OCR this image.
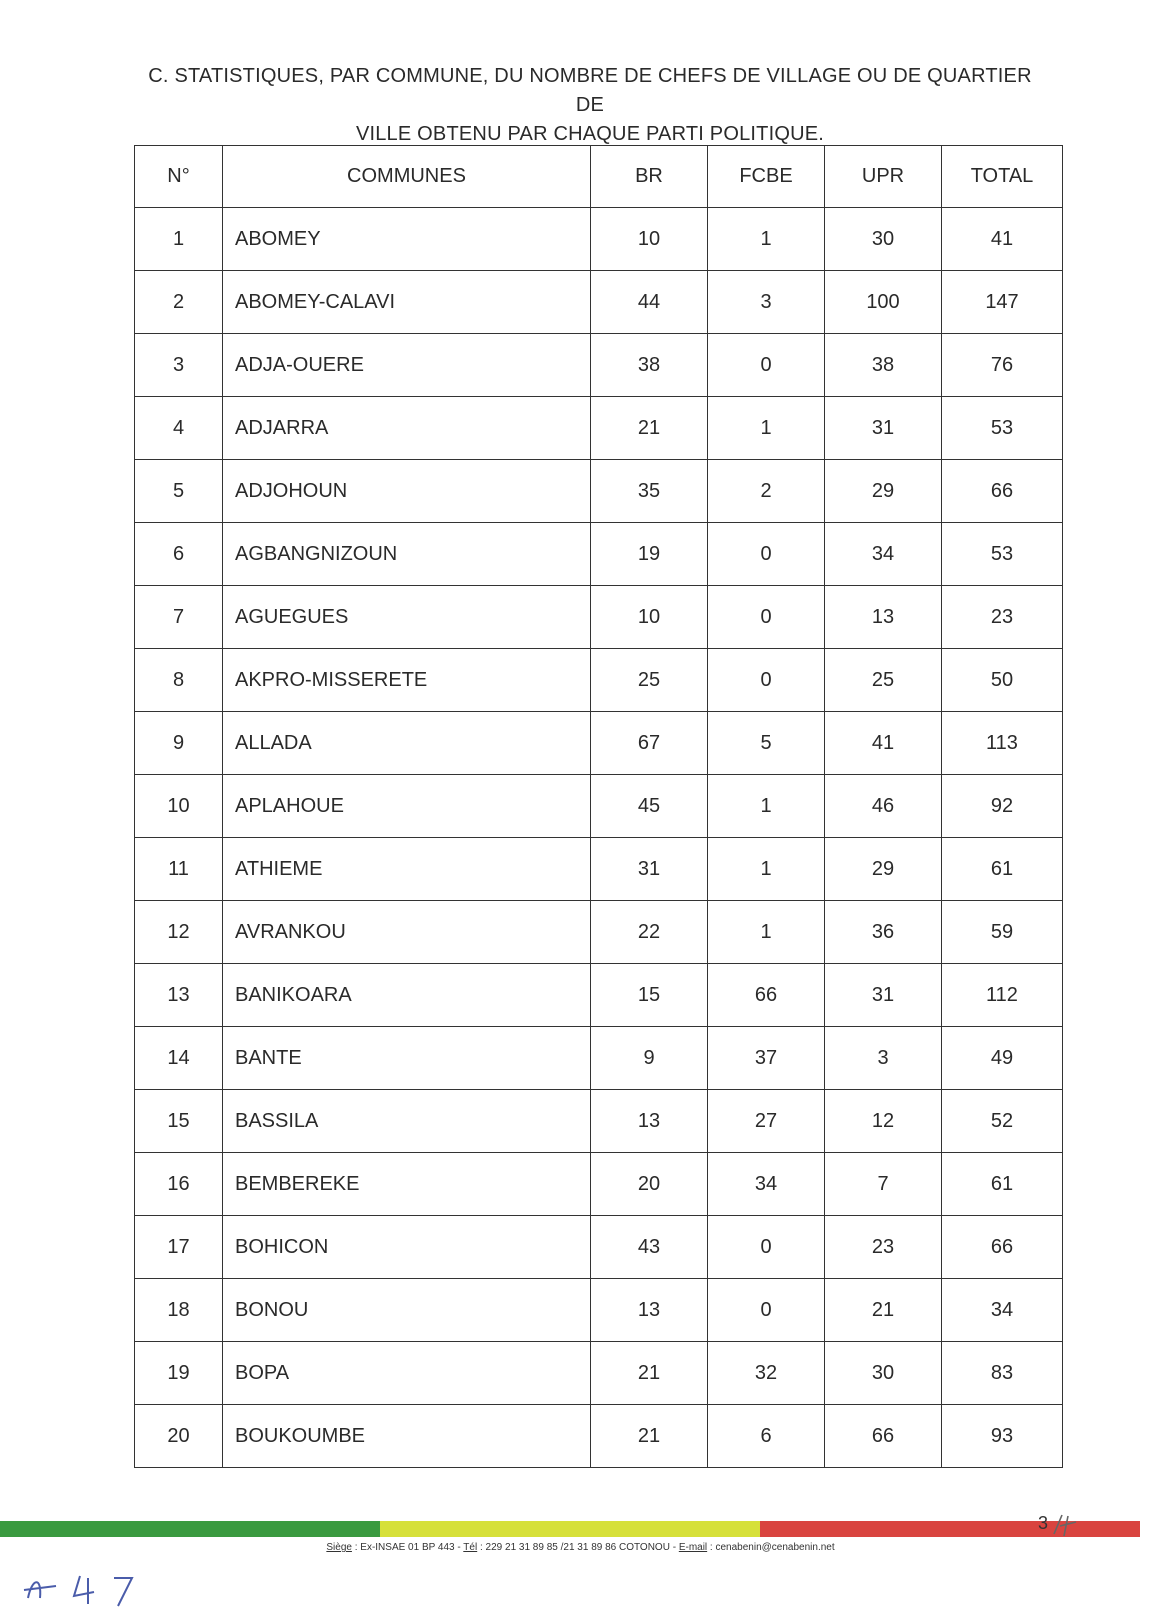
C. STATISTIQUES, PAR COMMUNE, DU NOMBRE DE CHEFS DE VILLAGE OU DE QUARTIER DE
VILLE OBTENU PAR CHAQUE PARTI POLITIQUE.
N°	COMMUNES	BR	FCBE	UPR	TOTAL
1	ABOMEY	10	1	30	41
2	ABOMEY-CALAVI	44	3	100	147
3	ADJA-OUERE	38	0	38	76
4	ADJARRA	21	1	31	53
5	ADJOHOUN	35	2	29	66
6	AGBANGNIZOUN	19	0	34	53
7	AGUEGUES	10	0	13	23
8	AKPRO-MISSERETE	25	0	25	50
9	ALLADA	67	5	41	113
10	APLAHOUE	45	1	46	92
11	ATHIEME	31	1	29	61
12	AVRANKOU	22	1	36	59
13	BANIKOARA	15	66	31	112
14	BANTE	9	37	3	49
15	BASSILA	13	27	12	52
16	BEMBEREKE	20	34	7	61
17	BOHICON	43	0	23	66
18	BONOU	13	0	21	34
19	BOPA	21	32	30	83
20	BOUKOUMBE	21	6	66	93
3
Siège : Ex-INSAE 01 BP 443 - Tél : 229 21 31 89 85 /21 31 89 86 COTONOU - E-mail : cenabenin@cenabenin.net
